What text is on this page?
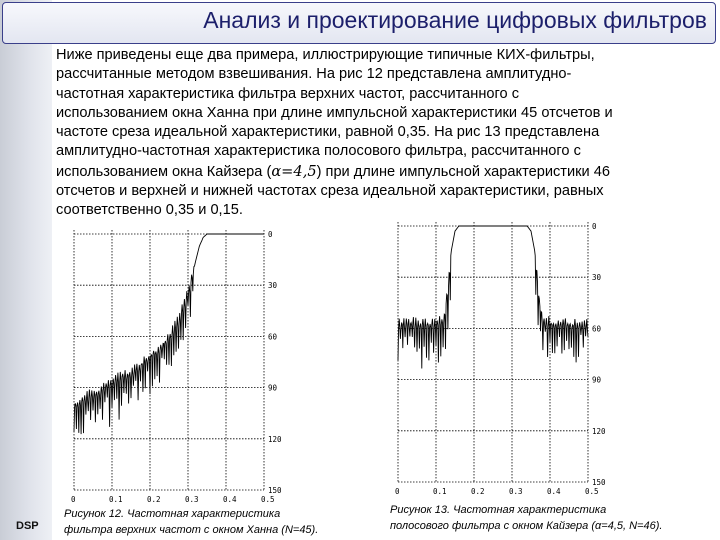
Анализ и проектирование цифровых фильтров

Ниже приведены еще два примера, иллюстрирующие типичные КИХ-фильтры,
рассчитанные методом взвешивания. На рис 12 представлена амплитудно-
частотная характеристика фильтра верхних частот, рассчитанного с
использованием окна Ханна при длине импульсной характеристики 45 отсчетов и
частоте среза идеальной характеристики, равной 0,35. На рис 13 представлена
амплитудно-частотная характеристика полосового фильтра, рассчитанного с
использованием окна Кайзера (α=4,5) при длине импульсной характеристики 46
отсчетов и верхней и нижней частотах среза идеальной характеристики, равных
соответственно 0,35 и 0,15.

0	0.1	0.2	0.3	0.4	0.5
0
30
60
90
120
150	0	0.1	0.2	0.3	0.4	0.5
0
30
60
90
120
150
Рисунок 12. Частотная характеристика
фильтра верхних частот с окном Ханна (N=45).
Рисунок 13. Частотная характеристика
полосового фильтра с окном Кайзера (α=4,5, N=46).
DSP
